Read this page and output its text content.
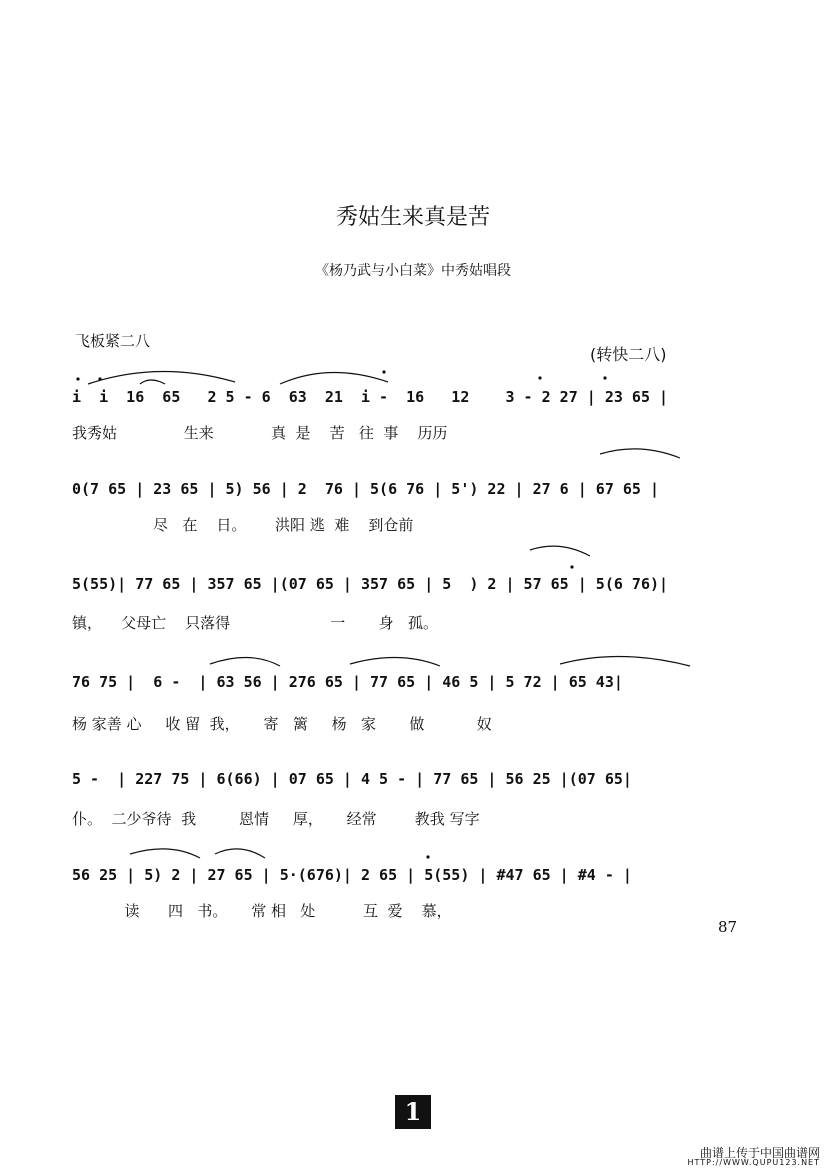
秀姑生来真是苦
《杨乃武与小白菜》中秀姑唱段
飞板紧二八
(转快二八)
i  i  16  65   2 5 - 6  63  21  i -  16   12    3 - 2 27 | 23 65 |
我秀姑              生来            真  是    苦   往  事    历历
0(7 65 | 23 65 | 5) 56 | 2  76 | 5(6 76 | 5') 22 | 27 6 | 67 65 |
尽   在    日。      洪阳 逃  难    到仓前
5(55)| 77 65 | 357 65 |(07 65 | 357 65 | 5  ) 2 | 57 65 | 5(6 76)|
镇，    父母亡    只落得                     一       身   孤。
76 75 |  6 -  | 63 56 | 276 65 | 77 65 | 46 5 | 5 72 | 65 43|
杨 家善 心     收 留  我，     寄   篱     杨   家       做           奴
5 -  | 227 75 | 6(66) | 07 65 | 4 5 - | 77 65 | 56 25 |(07 65|
仆。  二少爷待  我         恩情     厚，     经常        教我 写字
56 25 | 5) 2 | 27 65 | 5·(676)| 2 65 | 5(55) | #47 65 | #4 - |
读      四   书。     常 相   处          互  爱    慕，
87
1
曲谱上传于中国曲谱网
HTTP://WWW.QUPU123.NET
